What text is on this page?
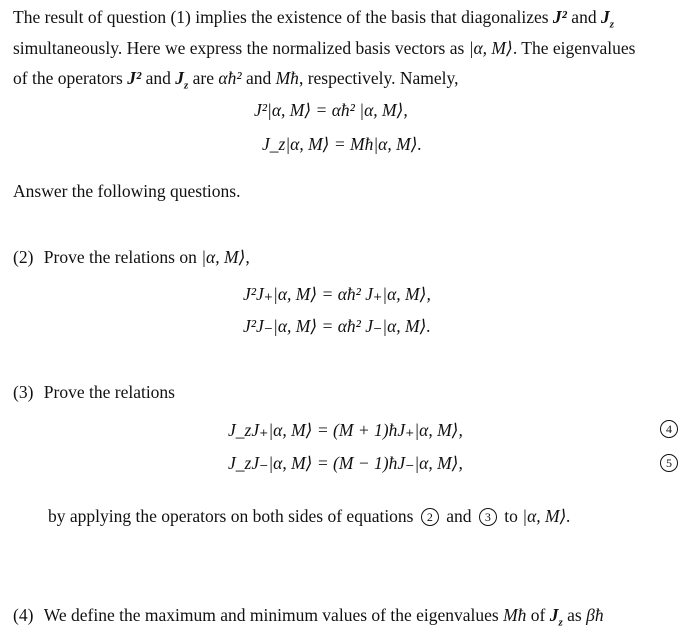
The result of question (1) implies the existence of the basis that diagonalizes J² and $J_z$
simultaneously. Here we express the normalized basis vectors as |α, M⟩. The eigenvalues
of the operators J² and $J_z$ are αħ² and Mħ, respectively. Namely,
J²|α, M⟩ = αħ² |α, M⟩,
J_z|α, M⟩ = Mħ|α, M⟩.
Answer the following questions.
(2) Prove the relations on |α, M⟩,
J²J₊|α, M⟩ = αħ² J₊|α, M⟩,
J²J₋|α, M⟩ = αħ² J₋|α, M⟩.
(3) Prove the relations
J_zJ₊|α, M⟩ = (M + 1)ħJ₊|α, M⟩,	4
J_zJ₋|α, M⟩ = (M − 1)ħJ₋|α, M⟩,	5
by applying the operators on both sides of equations 2 and 3 to |α, M⟩.
(4) We define the maximum and minimum values of the eigenvalues Mħ of $J_z$ as βħ
